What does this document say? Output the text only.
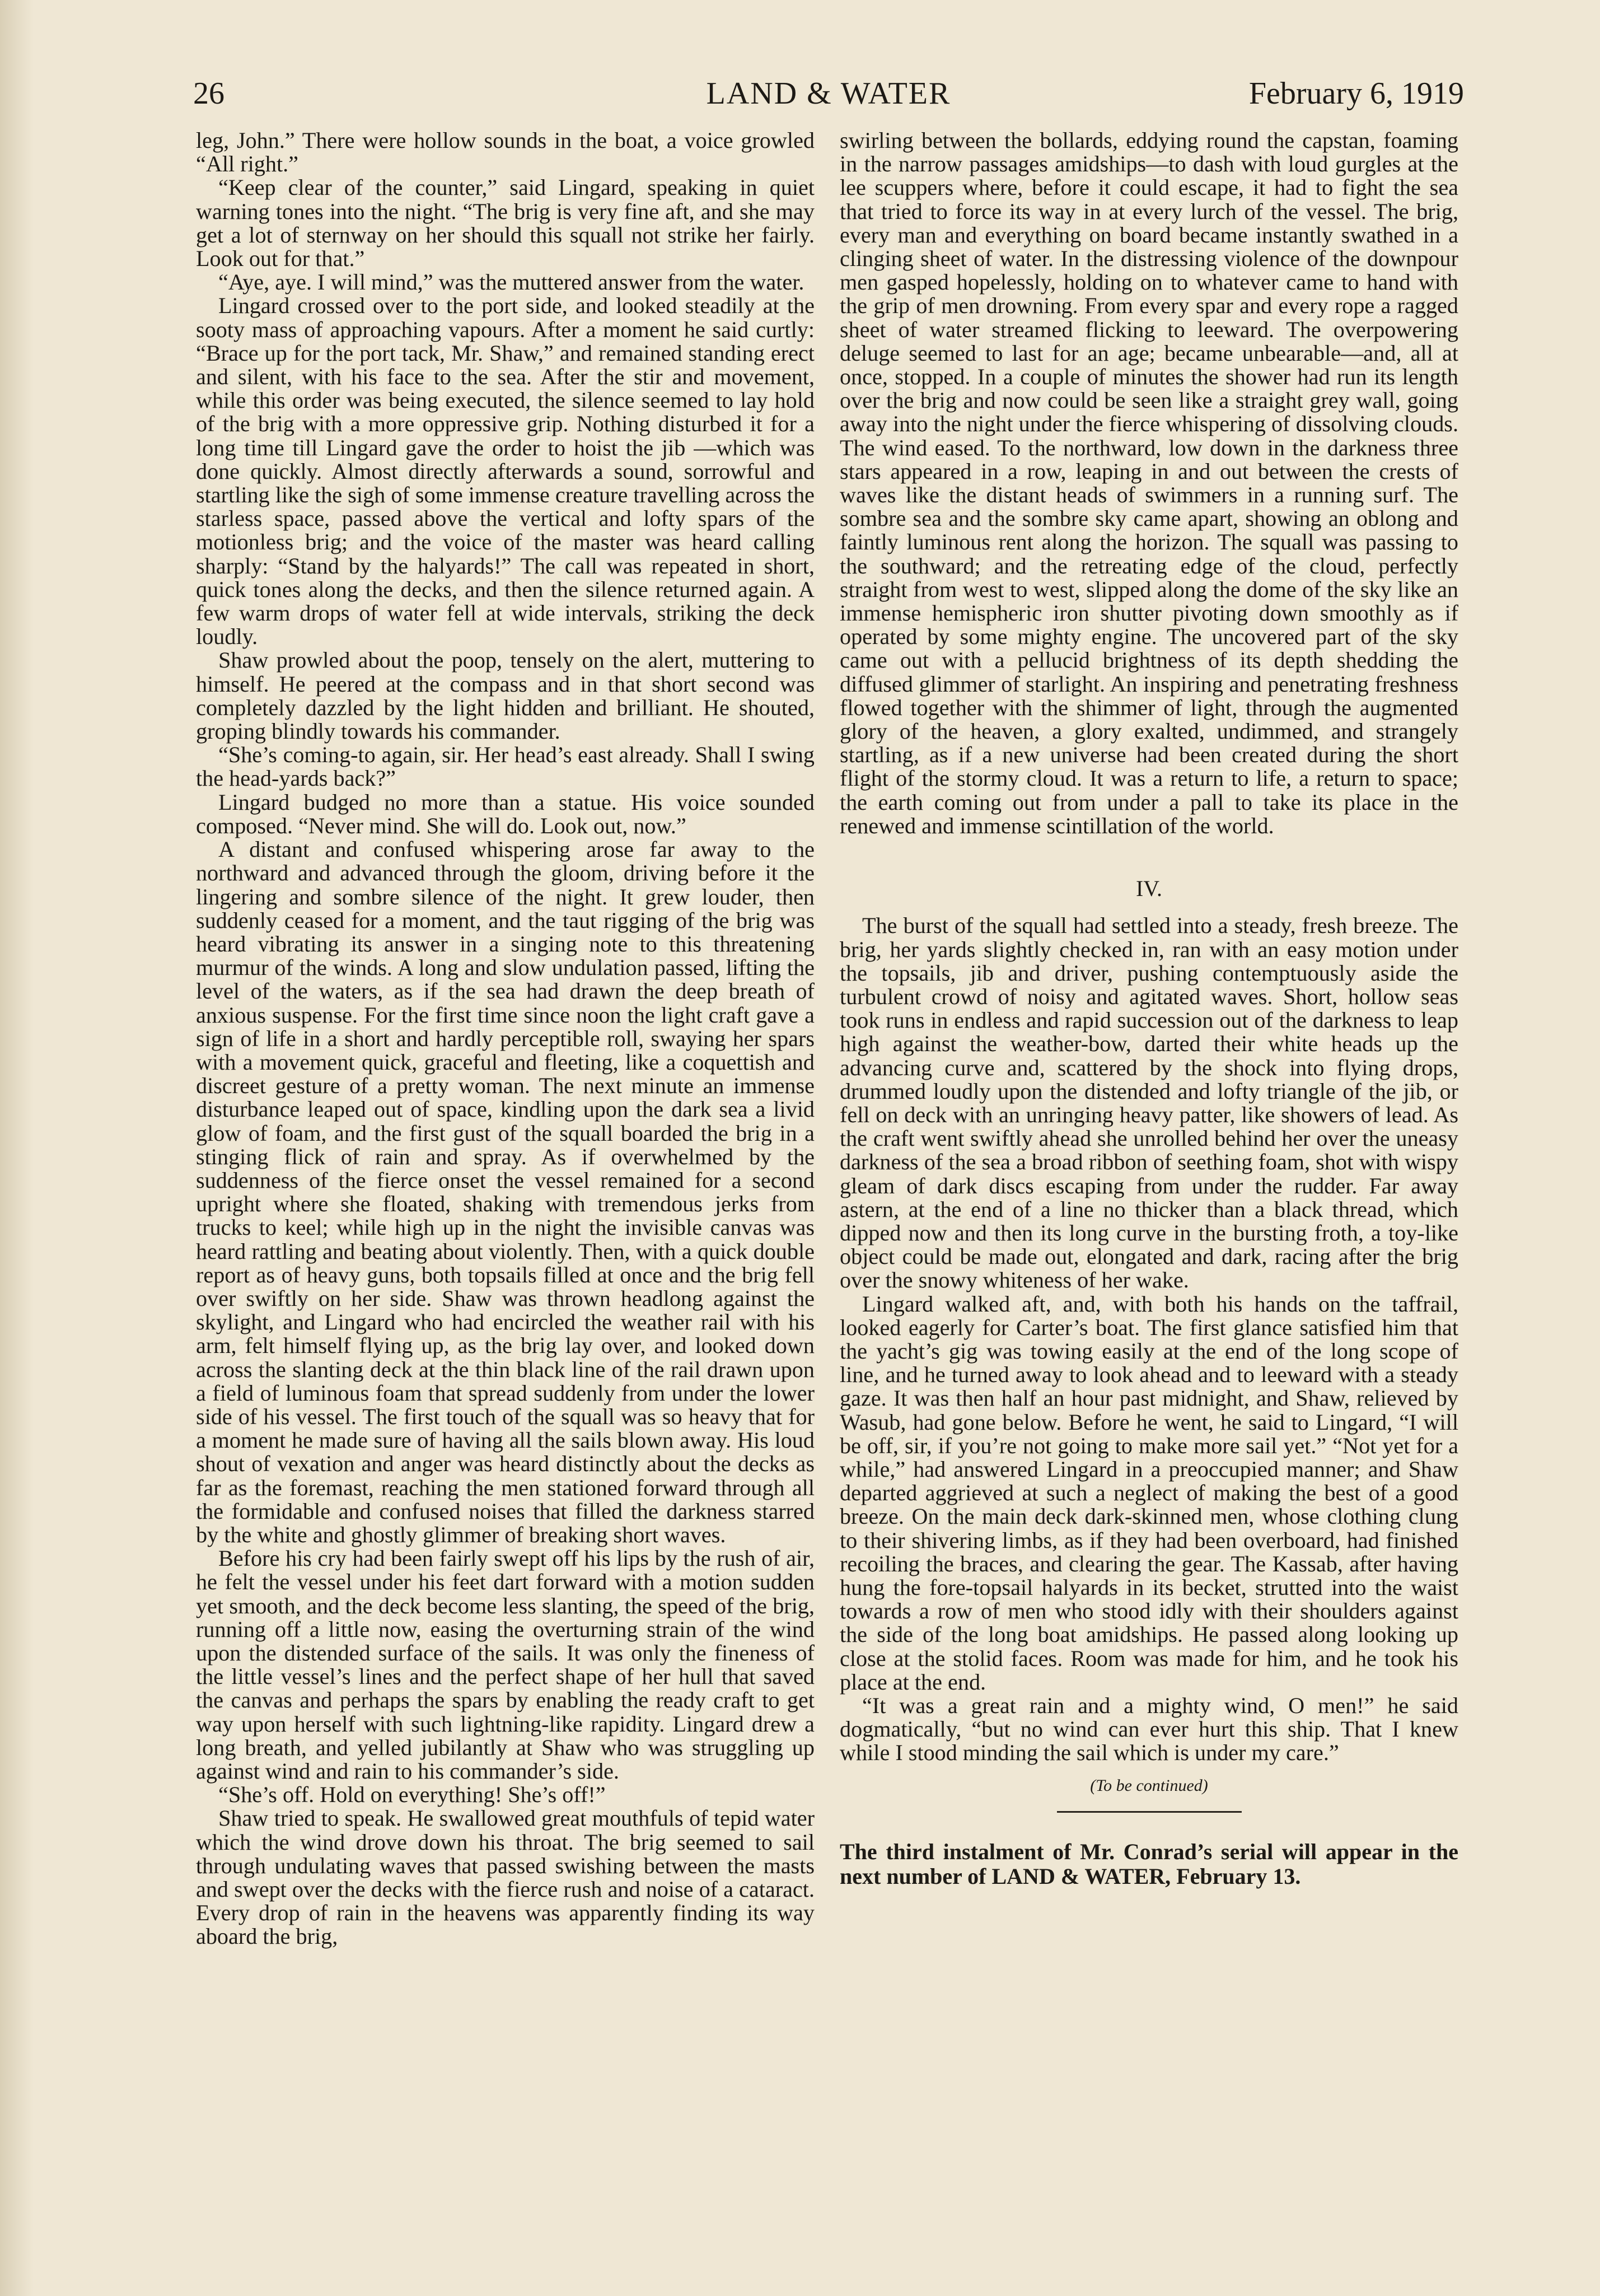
26	LAND & WATER	February 6, 1919

leg, John.” There were hollow sounds in the boat, a voice growled “All right.”

“Keep clear of the counter,” said Lingard, speaking in quiet warning tones into the night. “The brig is very fine aft, and she may get a lot of sternway on her should this squall not strike her fairly. Look out for that.”

“Aye, aye. I will mind,” was the muttered answer from the water.

Lingard crossed over to the port side, and looked steadily at the sooty mass of approaching vapours. After a moment he said curtly: “Brace up for the port tack, Mr. Shaw,” and remained standing erect and silent, with his face to the sea. After the stir and movement, while this order was being executed, the silence seemed to lay hold of the brig with a more oppressive grip. Nothing disturbed it for a long time till Lingard gave the order to hoist the jib —which was done quickly. Almost directly afterwards a sound, sorrowful and startling like the sigh of some immense creature travelling across the starless space, passed above the vertical and lofty spars of the motionless brig; and the voice of the master was heard calling sharply: “Stand by the halyards!” The call was repeated in short, quick tones along the decks, and then the silence returned again. A few warm drops of water fell at wide intervals, striking the deck loudly.

Shaw prowled about the poop, tensely on the alert, muttering to himself. He peered at the compass and in that short second was completely dazzled by the light hidden and brilliant. He shouted, groping blindly towards his commander.

“She’s coming-to again, sir. Her head’s east already. Shall I swing the head-yards back?”

Lingard budged no more than a statue. His voice sounded composed. “Never mind. She will do. Look out, now.”

A distant and confused whispering arose far away to the northward and advanced through the gloom, driving before it the lingering and sombre silence of the night. It grew louder, then suddenly ceased for a moment, and the taut rigging of the brig was heard vibrating its answer in a singing note to this threatening murmur of the winds. A long and slow undulation passed, lifting the level of the waters, as if the sea had drawn the deep breath of anxious suspense. For the first time since noon the light craft gave a sign of life in a short and hardly perceptible roll, swaying her spars with a movement quick, graceful and fleeting, like a coquettish and discreet gesture of a pretty woman. The next minute an immense disturbance leaped out of space, kindling upon the dark sea a livid glow of foam, and the first gust of the squall boarded the brig in a stinging flick of rain and spray. As if overwhelmed by the suddenness of the fierce onset the vessel remained for a second upright where she floated, shaking with tremendous jerks from trucks to keel; while high up in the night the invisible canvas was heard rattling and beating about violently. Then, with a quick double report as of heavy guns, both topsails filled at once and the brig fell over swiftly on her side. Shaw was thrown headlong against the skylight, and Lingard who had encircled the weather rail with his arm, felt himself flying up, as the brig lay over, and looked down across the slanting deck at the thin black line of the rail drawn upon a field of luminous foam that spread suddenly from under the lower side of his vessel. The first touch of the squall was so heavy that for a moment he made sure of having all the sails blown away. His loud shout of vexation and anger was heard distinctly about the decks as far as the foremast, reaching the men stationed forward through all the formidable and confused noises that filled the darkness starred by the white and ghostly glimmer of breaking short waves.

Before his cry had been fairly swept off his lips by the rush of air, he felt the vessel under his feet dart forward with a motion sudden yet smooth, and the deck become less slanting, the speed of the brig, running off a little now, easing the overturning strain of the wind upon the distended surface of the sails. It was only the fineness of the little vessel’s lines and the perfect shape of her hull that saved the canvas and perhaps the spars by enabling the ready craft to get way upon herself with such lightning-like rapidity. Lingard drew a long breath, and yelled jubilantly at Shaw who was struggling up against wind and rain to his commander’s side.

“She’s off. Hold on everything! She’s off!”

Shaw tried to speak. He swallowed great mouthfuls of tepid water which the wind drove down his throat. The brig seemed to sail through undulating waves that passed swishing between the masts and swept over the decks with the fierce rush and noise of a cataract. Every drop of rain in the heavens was apparently finding its way aboard the brig,

swirling between the bollards, eddying round the capstan, foaming in the narrow passages amidships—to dash with loud gurgles at the lee scuppers where, before it could escape, it had to fight the sea that tried to force its way in at every lurch of the vessel. The brig, every man and everything on board became instantly swathed in a clinging sheet of water. In the distressing violence of the downpour men gasped hopelessly, holding on to whatever came to hand with the grip of men drowning. From every spar and every rope a ragged sheet of water streamed flicking to leeward. The overpowering deluge seemed to last for an age; became unbearable—and, all at once, stopped. In a couple of minutes the shower had run its length over the brig and now could be seen like a straight grey wall, going away into the night under the fierce whispering of dissolving clouds. The wind eased. To the northward, low down in the darkness three stars appeared in a row, leaping in and out between the crests of waves like the distant heads of swimmers in a running surf. The sombre sea and the sombre sky came apart, showing an oblong and faintly luminous rent along the horizon. The squall was passing to the southward; and the retreating edge of the cloud, perfectly straight from west to west, slipped along the dome of the sky like an immense hemispheric iron shutter pivoting down smoothly as if operated by some mighty engine. The uncovered part of the sky came out with a pellucid brightness of its depth shedding the diffused glimmer of starlight. An inspiring and penetrating freshness flowed together with the shimmer of light, through the augmented glory of the heaven, a glory exalted, undimmed, and strangely startling, as if a new universe had been created during the short flight of the stormy cloud. It was a return to life, a return to space; the earth coming out from under a pall to take its place in the renewed and immense scintillation of the world.

IV.

The burst of the squall had settled into a steady, fresh breeze. The brig, her yards slightly checked in, ran with an easy motion under the topsails, jib and driver, pushing contemptuously aside the turbulent crowd of noisy and agitated waves. Short, hollow seas took runs in endless and rapid succession out of the darkness to leap high against the weather-bow, darted their white heads up the advancing curve and, scattered by the shock into flying drops, drummed loudly upon the distended and lofty triangle of the jib, or fell on deck with an unringing heavy patter, like showers of lead. As the craft went swiftly ahead she unrolled behind her over the uneasy darkness of the sea a broad ribbon of seething foam, shot with wispy gleam of dark discs escaping from under the rudder. Far away astern, at the end of a line no thicker than a black thread, which dipped now and then its long curve in the bursting froth, a toy-like object could be made out, elongated and dark, racing after the brig over the snowy whiteness of her wake.

Lingard walked aft, and, with both his hands on the taffrail, looked eagerly for Carter’s boat. The first glance satisfied him that the yacht’s gig was towing easily at the end of the long scope of line, and he turned away to look ahead and to leeward with a steady gaze. It was then half an hour past midnight, and Shaw, relieved by Wasub, had gone below. Before he went, he said to Lingard, “I will be off, sir, if you’re not going to make more sail yet.” “Not yet for a while,” had answered Lingard in a preoccupied manner; and Shaw departed aggrieved at such a neglect of making the best of a good breeze. On the main deck dark-skinned men, whose clothing clung to their shivering limbs, as if they had been overboard, had finished recoiling the braces, and clearing the gear. The Kassab, after having hung the fore-topsail halyards in its becket, strutted into the waist towards a row of men who stood idly with their shoulders against the side of the long boat amidships. He passed along looking up close at the stolid faces. Room was made for him, and he took his place at the end.

“It was a great rain and a mighty wind, O men!” he said dogmatically, “but no wind can ever hurt this ship. That I knew while I stood minding the sail which is under my care.”

(To be continued)
The third instalment of Mr. Conrad’s serial will appear in the next number of LAND & WATER, February 13.
